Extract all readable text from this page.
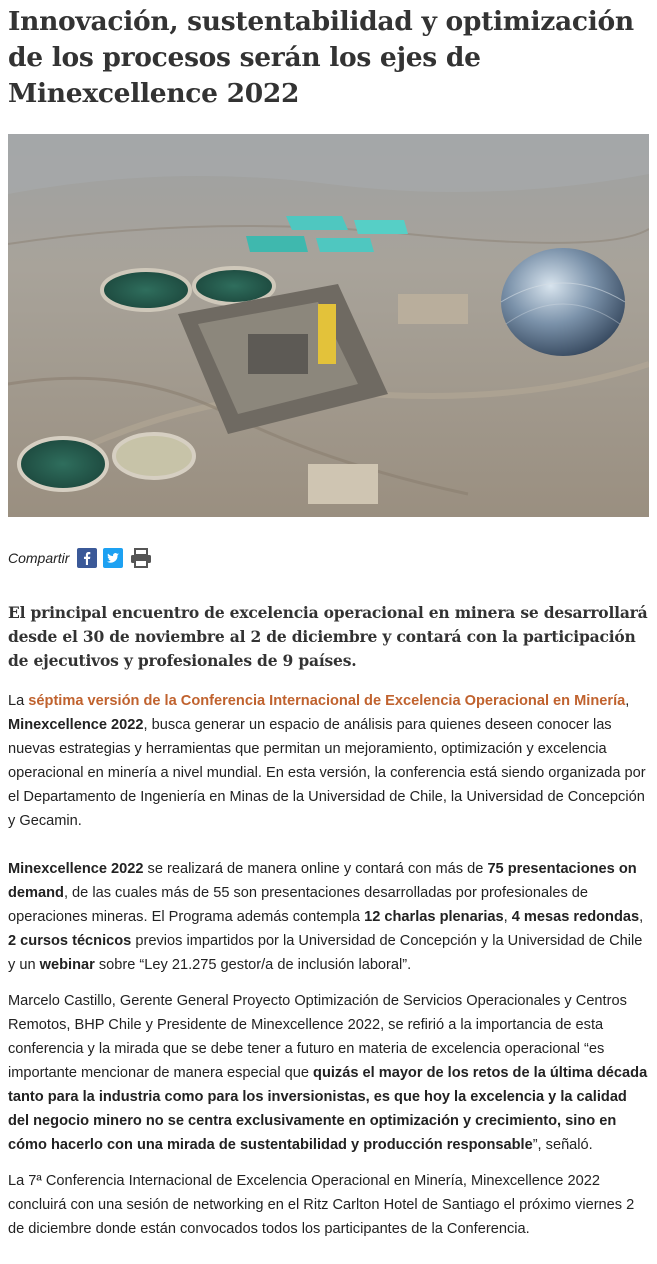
Innovación, sustentabilidad y optimización de los procesos serán los ejes de Minexcellence 2022
Compartir

El principal encuentro de excelencia operacional en minera se desarrollará desde el 30 de noviembre al 2 de diciembre y contará con la participación de ejecutivos y profesionales de 9 países.

La séptima versión de la Conferencia Internacional de Excelencia Operacional en Minería, Minexcellence 2022, busca generar un espacio de análisis para quienes deseen conocer las nuevas estrategias y herramientas que permitan un mejoramiento, optimización y excelencia operacional en minería a nivel mundial. En esta versión, la conferencia está siendo organizada por el Departamento de Ingeniería en Minas de la Universidad de Chile, la Universidad de Concepción y Gecamin.

Minexcellence 2022 se realizará de manera online y contará con más de 75 presentaciones on demand, de las cuales más de 55 son presentaciones desarrolladas por profesionales de operaciones mineras. El Programa además contempla 12 charlas plenarias, 4 mesas redondas, 2 cursos técnicos previos impartidos por la Universidad de Concepción y la Universidad de Chile y un webinar sobre “Ley 21.275 gestor/a de inclusión laboral”.

Marcelo Castillo, Gerente General Proyecto Optimización de Servicios Operacionales y Centros Remotos, BHP Chile y Presidente de Minexcellence 2022, se refirió a la importancia de esta conferencia y la mirada que se debe tener a futuro en materia de excelencia operacional “es importante mencionar de manera especial que quizás el mayor de los retos de la última década tanto para la industria como para los inversionistas, es que hoy la excelencia y la calidad del negocio minero no se centra exclusivamente en optimización y crecimiento, sino en cómo hacerlo con una mirada de sustentabilidad y producción responsable”, señaló.

La 7ª Conferencia Internacional de Excelencia Operacional en Minería, Minexcellence 2022 concluirá con una sesión de networking en el Ritz Carlton Hotel de Santiago el próximo viernes 2 de diciembre donde están convocados todos los participantes de la Conferencia.
